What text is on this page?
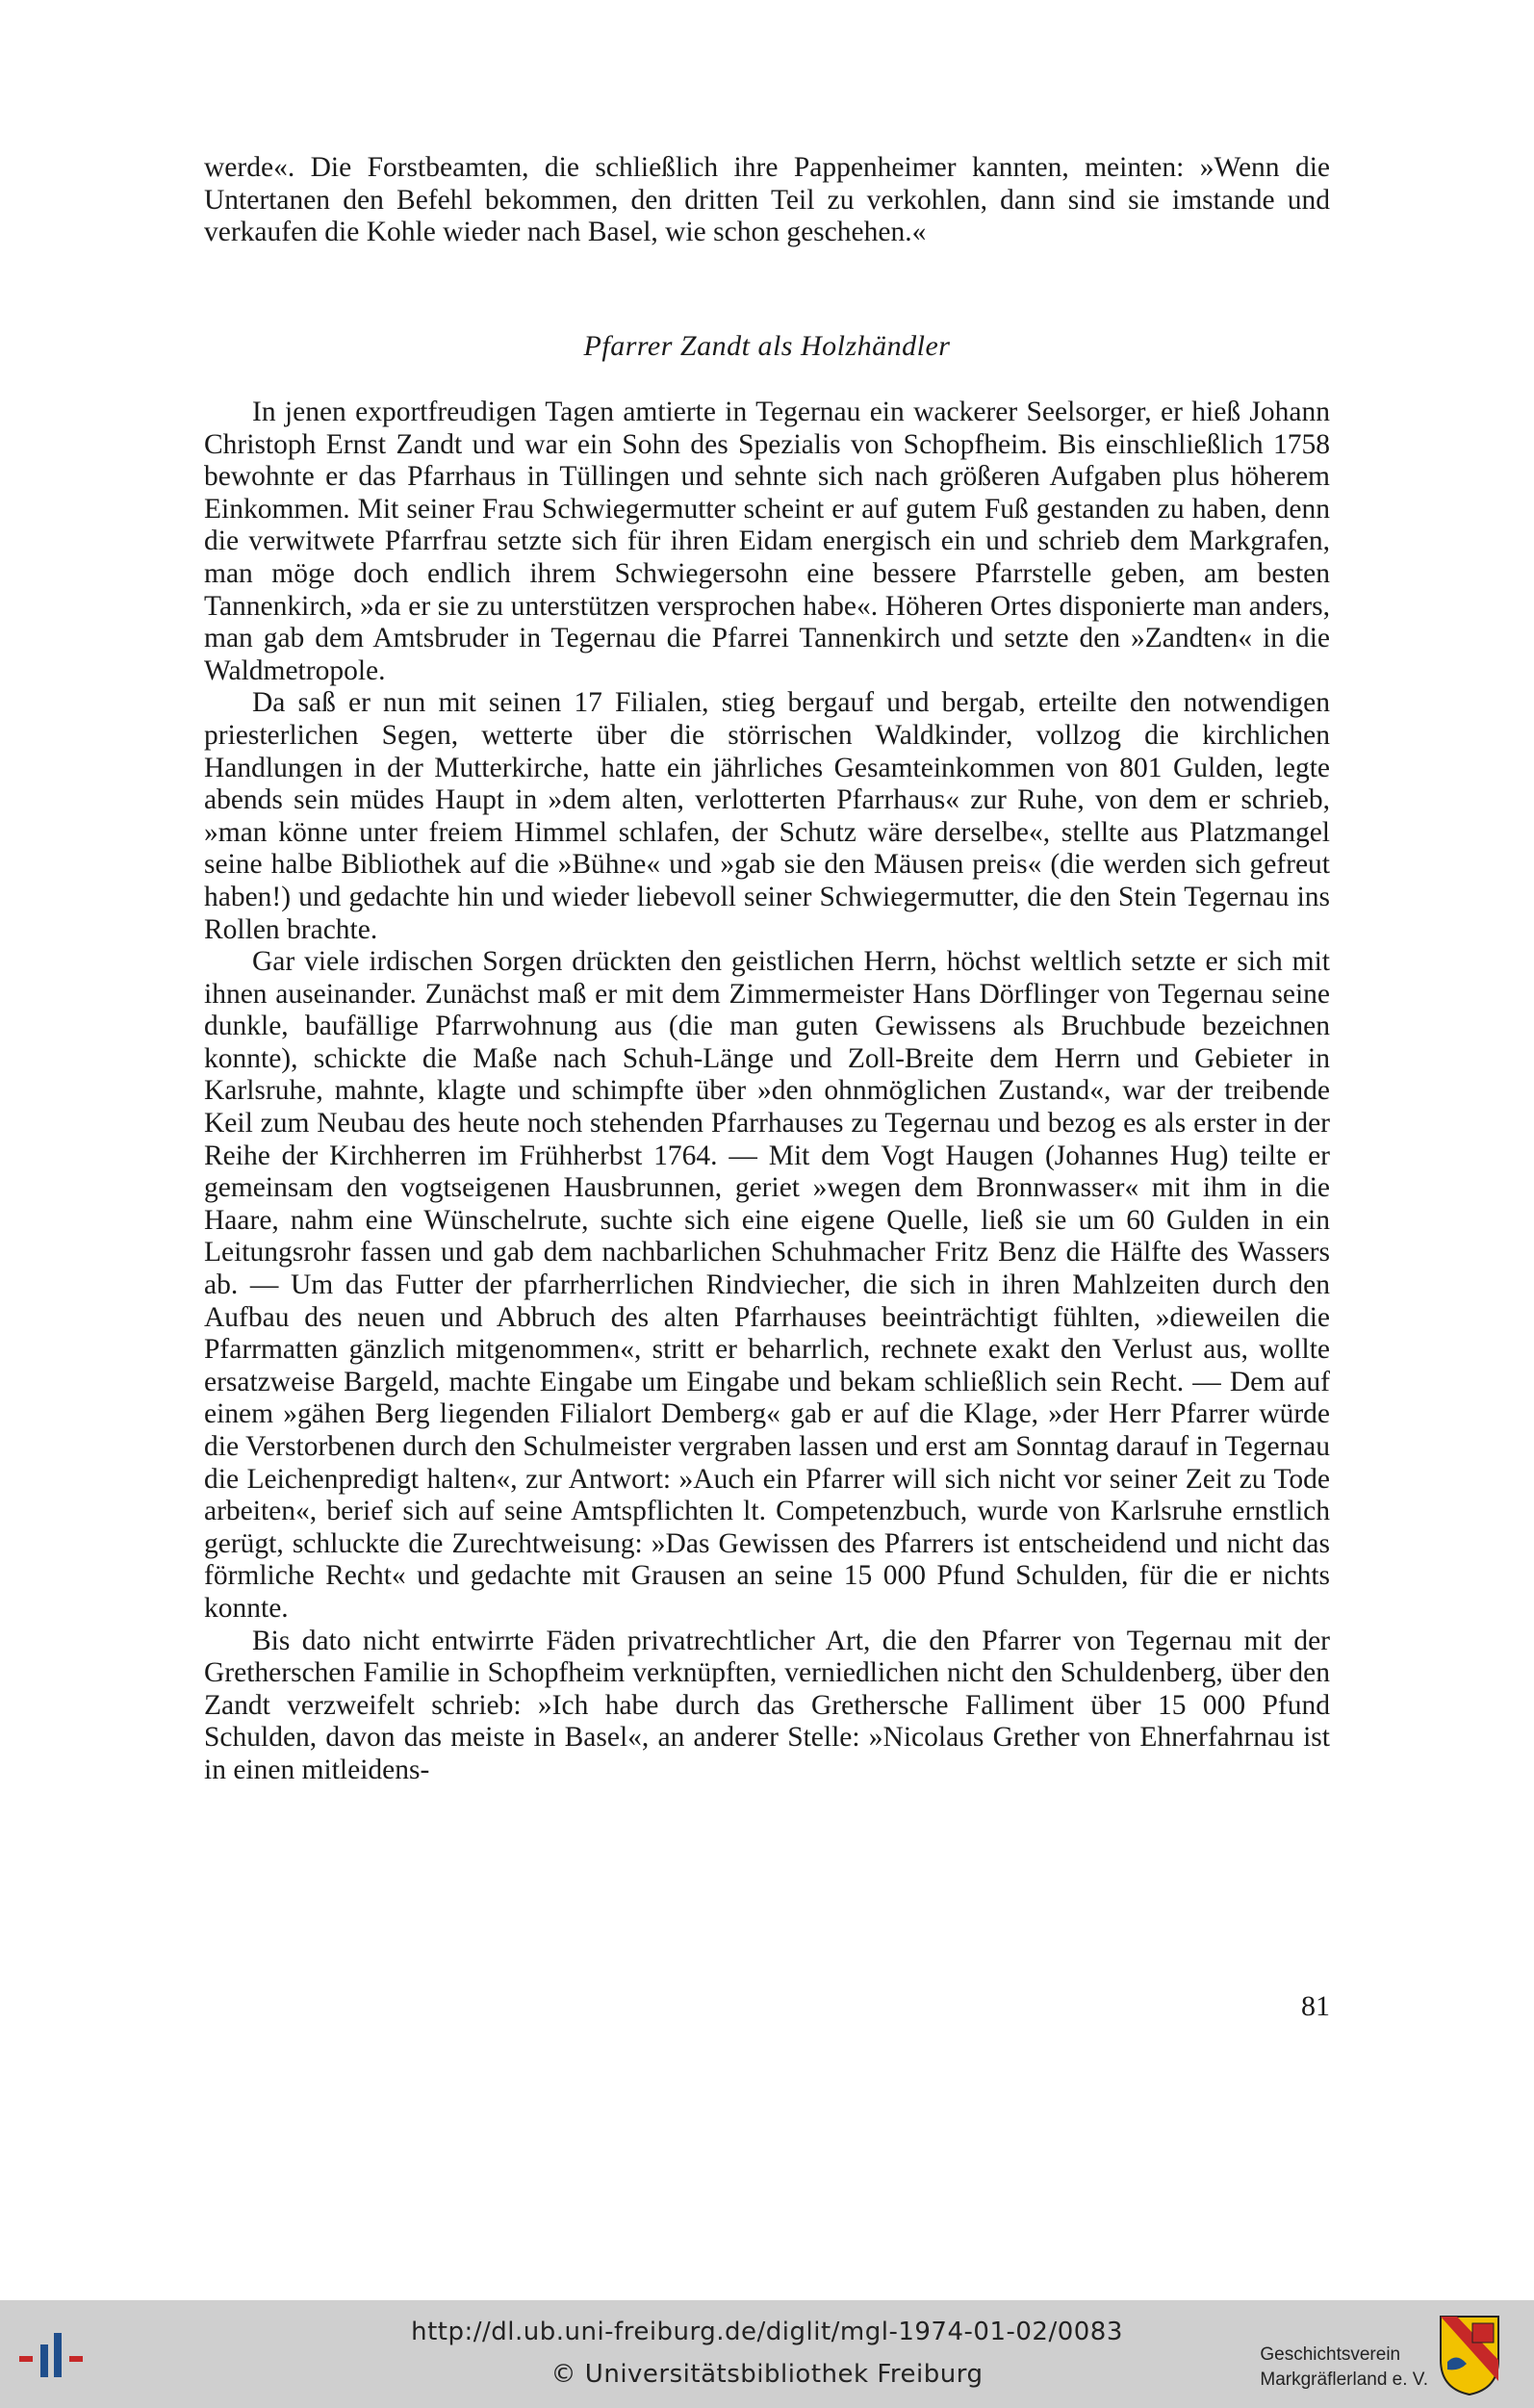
werde«. Die Forstbeamten, die schließlich ihre Pappenheimer kannten, meinten: »Wenn die Untertanen den Befehl bekommen, den dritten Teil zu verkohlen, dann sind sie imstande und verkaufen die Kohle wieder nach Basel, wie schon geschehen.«

Pfarrer Zandt als Holzhändler

In jenen exportfreudigen Tagen amtierte in Tegernau ein wackerer Seelsorger, er hieß Johann Christoph Ernst Zandt und war ein Sohn des Spezialis von Schopfheim. Bis einschließlich 1758 bewohnte er das Pfarrhaus in Tüllingen und sehnte sich nach größeren Aufgaben plus höherem Einkommen. Mit seiner Frau Schwiegermutter scheint er auf gutem Fuß gestanden zu haben, denn die verwitwete Pfarrfrau setzte sich für ihren Eidam energisch ein und schrieb dem Markgrafen, man möge doch endlich ihrem Schwiegersohn eine bessere Pfarrstelle geben, am besten Tannenkirch, »da er sie zu unterstützen versprochen habe«. Höheren Ortes disponierte man anders, man gab dem Amtsbruder in Tegernau die Pfarrei Tannenkirch und setzte den »Zandten« in die Waldmetropole.

Da saß er nun mit seinen 17 Filialen, stieg bergauf und bergab, erteilte den notwendigen priesterlichen Segen, wetterte über die störrischen Waldkinder, vollzog die kirchlichen Handlungen in der Mutterkirche, hatte ein jährliches Gesamteinkommen von 801 Gulden, legte abends sein müdes Haupt in »dem alten, verlotterten Pfarrhaus« zur Ruhe, von dem er schrieb, »man könne unter freiem Himmel schlafen, der Schutz wäre derselbe«, stellte aus Platzmangel seine halbe Bibliothek auf die »Bühne« und »gab sie den Mäusen preis« (die werden sich gefreut haben!) und gedachte hin und wieder liebevoll seiner Schwiegermutter, die den Stein Tegernau ins Rollen brachte.

Gar viele irdischen Sorgen drückten den geistlichen Herrn, höchst weltlich setzte er sich mit ihnen auseinander. Zunächst maß er mit dem Zimmermeister Hans Dörflinger von Tegernau seine dunkle, baufällige Pfarrwohnung aus (die man guten Gewissens als Bruchbude bezeichnen konnte), schickte die Maße nach Schuh-Länge und Zoll-Breite dem Herrn und Gebieter in Karlsruhe, mahnte, klagte und schimpfte über »den ohnmöglichen Zustand«, war der treibende Keil zum Neubau des heute noch stehenden Pfarrhauses zu Tegernau und bezog es als erster in der Reihe der Kirchherren im Frühherbst 1764. — Mit dem Vogt Haugen (Johannes Hug) teilte er gemeinsam den vogtseigenen Hausbrunnen, geriet »wegen dem Bronnwasser« mit ihm in die Haare, nahm eine Wünschelrute, suchte sich eine eigene Quelle, ließ sie um 60 Gulden in ein Leitungsrohr fassen und gab dem nachbarlichen Schuhmacher Fritz Benz die Hälfte des Wassers ab. — Um das Futter der pfarrherrlichen Rindviecher, die sich in ihren Mahlzeiten durch den Aufbau des neuen und Abbruch des alten Pfarrhauses beeinträchtigt fühlten, »dieweilen die Pfarrmatten gänzlich mitgenommen«, stritt er beharrlich, rechnete exakt den Verlust aus, wollte ersatzweise Bargeld, machte Eingabe um Eingabe und bekam schließlich sein Recht. — Dem auf einem »gähen Berg liegenden Filialort Demberg« gab er auf die Klage, »der Herr Pfarrer würde die Verstorbenen durch den Schulmeister vergraben lassen und erst am Sonntag darauf in Tegernau die Leichenpredigt halten«, zur Antwort: »Auch ein Pfarrer will sich nicht vor seiner Zeit zu Tode arbeiten«, berief sich auf seine Amtspflichten lt. Competenzbuch, wurde von Karlsruhe ernstlich gerügt, schluckte die Zurechtweisung: »Das Gewissen des Pfarrers ist entscheidend und nicht das förmliche Recht« und gedachte mit Grausen an seine 15 000 Pfund Schulden, für die er nichts konnte.

Bis dato nicht entwirrte Fäden privatrechtlicher Art, die den Pfarrer von Tegernau mit der Gretherschen Familie in Schopfheim verknüpften, verniedlichen nicht den Schuldenberg, über den Zandt verzweifelt schrieb: »Ich habe durch das Grethersche Falliment über 15 000 Pfund Schulden, davon das meiste in Basel«, an anderer Stelle: »Nicolaus Grether von Ehnerfahrnau ist in einen mitleidens-

81
http://dl.ub.uni-freiburg.de/diglit/mgl-1974-01-02/0083
© Universitätsbibliothek Freiburg
Geschichtsverein
Markgräflerland e. V.
